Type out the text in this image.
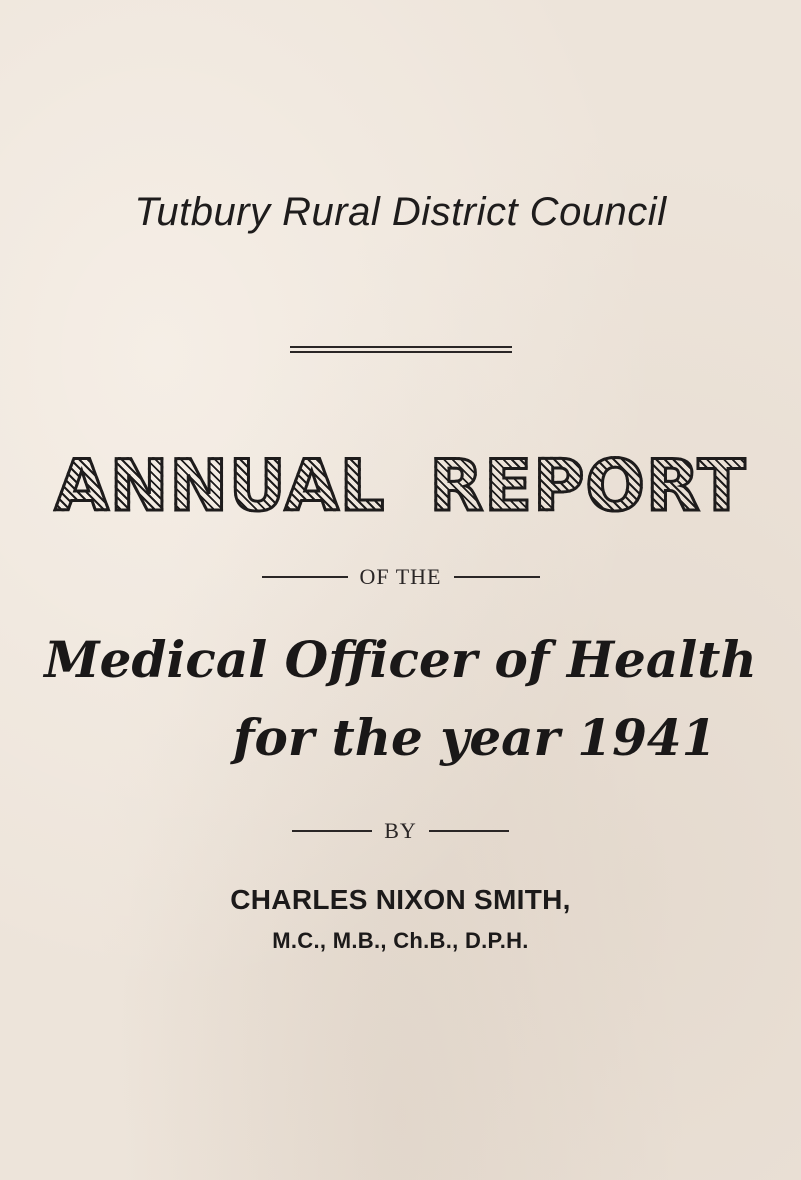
Tutbury Rural District Council
ANNUAL REPORT
OF THE
Medical Officer of Health
for the year 1941
BY
CHARLES NIXON SMITH,
M.C., M.B., Ch.B., D.P.H.
